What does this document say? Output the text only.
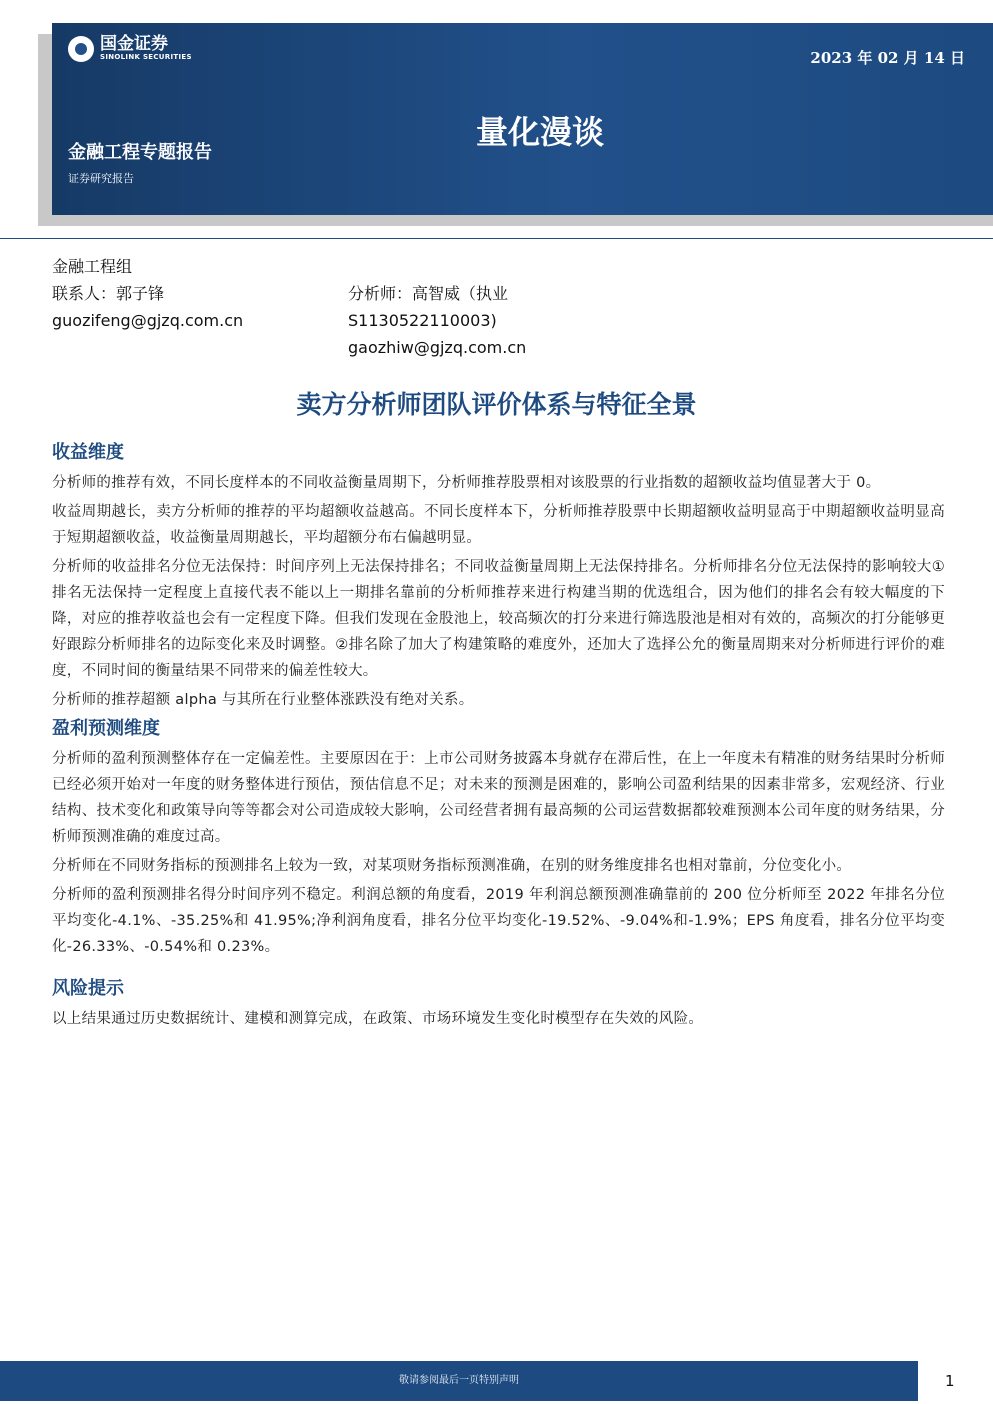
国金证券
SINOLINK SECURITIES	2023 年 02 月 14 日
量化漫谈
金融工程专题报告
证券研究报告
金融工程组
联系人：郭子锋
guozifeng@gjzq.com.cn
分析师：高智威（执业
S1130522110003)
gaozhiw@gjzq.com.cn
卖方分析师团队评价体系与特征全景
收益维度

分析师的推荐有效，不同长度样本的不同收益衡量周期下，分析师推荐股票相对该股票的行业指数的超额收益均值显著大于 0。

收益周期越长，卖方分析师的推荐的平均超额收益越高。不同长度样本下，分析师推荐股票中长期超额收益明显高于中期超额收益明显高于短期超额收益，收益衡量周期越长，平均超额分布右偏越明显。

分析师的收益排名分位无法保持：时间序列上无法保持排名；不同收益衡量周期上无法保持排名。分析师排名分位无法保持的影响较大①排名无法保持一定程度上直接代表不能以上一期排名靠前的分析师推荐来进行构建当期的优选组合，因为他们的排名会有较大幅度的下降，对应的推荐收益也会有一定程度下降。但我们发现在金股池上，较高频次的打分来进行筛选股池是相对有效的，高频次的打分能够更好跟踪分析师排名的边际变化来及时调整。②排名除了加大了构建策略的难度外，还加大了选择公允的衡量周期来对分析师进行评价的难度，不同时间的衡量结果不同带来的偏差性较大。

分析师的推荐超额 alpha 与其所在行业整体涨跌没有绝对关系。

盈利预测维度

分析师的盈利预测整体存在一定偏差性。主要原因在于：上市公司财务披露本身就存在滞后性，在上一年度未有精准的财务结果时分析师已经必须开始对一年度的财务整体进行预估，预估信息不足；对未来的预测是困难的，影响公司盈利结果的因素非常多，宏观经济、行业结构、技术变化和政策导向等等都会对公司造成较大影响，公司经营者拥有最高频的公司运营数据都较难预测本公司年度的财务结果，分析师预测准确的难度过高。

分析师在不同财务指标的预测排名上较为一致，对某项财务指标预测准确，在别的财务维度排名也相对靠前，分位变化小。

分析师的盈利预测排名得分时间序列不稳定。利润总额的角度看，2019 年利润总额预测准确靠前的 200 位分析师至 2022 年排名分位平均变化-4.1%、-35.25%和 41.95%;净利润角度看，排名分位平均变化-19.52%、-9.04%和-1.9%；EPS 角度看，排名分位平均变化-26.33%、-0.54%和 0.23%。

风险提示

以上结果通过历史数据统计、建模和测算完成，在政策、市场环境发生变化时模型存在失效的风险。

敬请参阅最后一页特别声明	1
